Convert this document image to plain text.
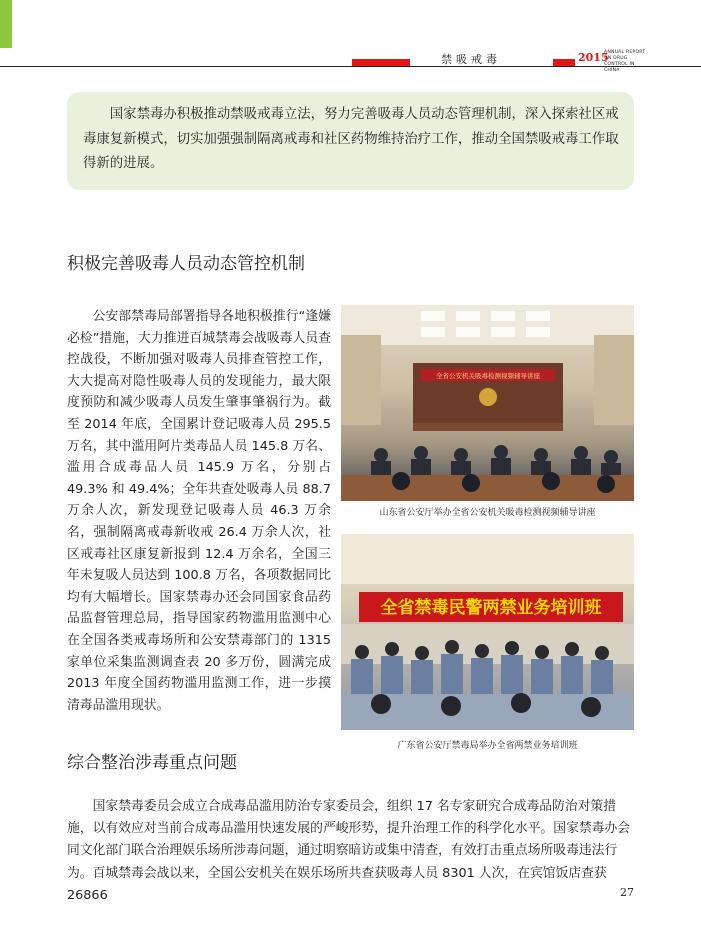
禁吸戒毒	2015
ANNUAL REPORT ON DRUG CONTROL IN CHINA

国家禁毒办积极推动禁吸戒毒立法，努力完善吸毒人员动态管理机制，深入探索社区戒毒康复新模式，切实加强强制隔离戒毒和社区药物维持治疗工作，推动全国禁吸戒毒工作取得新的进展。

积极完善吸毒人员动态管控机制

公安部禁毒局部署指导各地积极推行“逢嫌必检”措施，大力推进百城禁毒会战吸毒人员查控战役，不断加强对吸毒人员排查管控工作，大大提高对隐性吸毒人员的发现能力，最大限度预防和减少吸毒人员发生肇事肇祸行为。截至 2014 年底，全国累计登记吸毒人员 295.5 万名，其中滥用阿片类毒品人员 145.8 万名、滥用合成毒品人员 145.9 万名，分别占 49.3% 和 49.4%；全年共查处吸毒人员 88.7 万余人次，新发现登记吸毒人员 46.3 万余名，强制隔离戒毒新收戒 26.4 万余人次，社区戒毒社区康复新报到 12.4 万余名，全国三年未复吸人员达到 100.8 万名，各项数据同比均有大幅增长。国家禁毒办还会同国家食品药品监督管理总局，指导国家药物滥用监测中心在全国各类戒毒场所和公安禁毒部门的 1315 家单位采集监测调查表 20 多万份，圆满完成 2013 年度全国药物滥用监测工作，进一步摸清毒品滥用现状。

全省公安机关吸毒检测视频辅导讲座

山东省公安厅举办全省公安机关吸毒检测视频辅导讲座

全省禁毒民警两禁业务培训班

广东省公安厅禁毒局举办全省两禁业务培训班

综合整治涉毒重点问题

国家禁毒委员会成立合成毒品滥用防治专家委员会，组织 17 名专家研究合成毒品防治对策措施，以有效应对当前合成毒品滥用快速发展的严峻形势，提升治理工作的科学化水平。国家禁毒办会同文化部门联合治理娱乐场所涉毒问题，通过明察暗访或集中清查，有效打击重点场所吸毒违法行为。百城禁毒会战以来，全国公安机关在娱乐场所共查获吸毒人员 8301 人次，在宾馆饭店查获 26866	27
